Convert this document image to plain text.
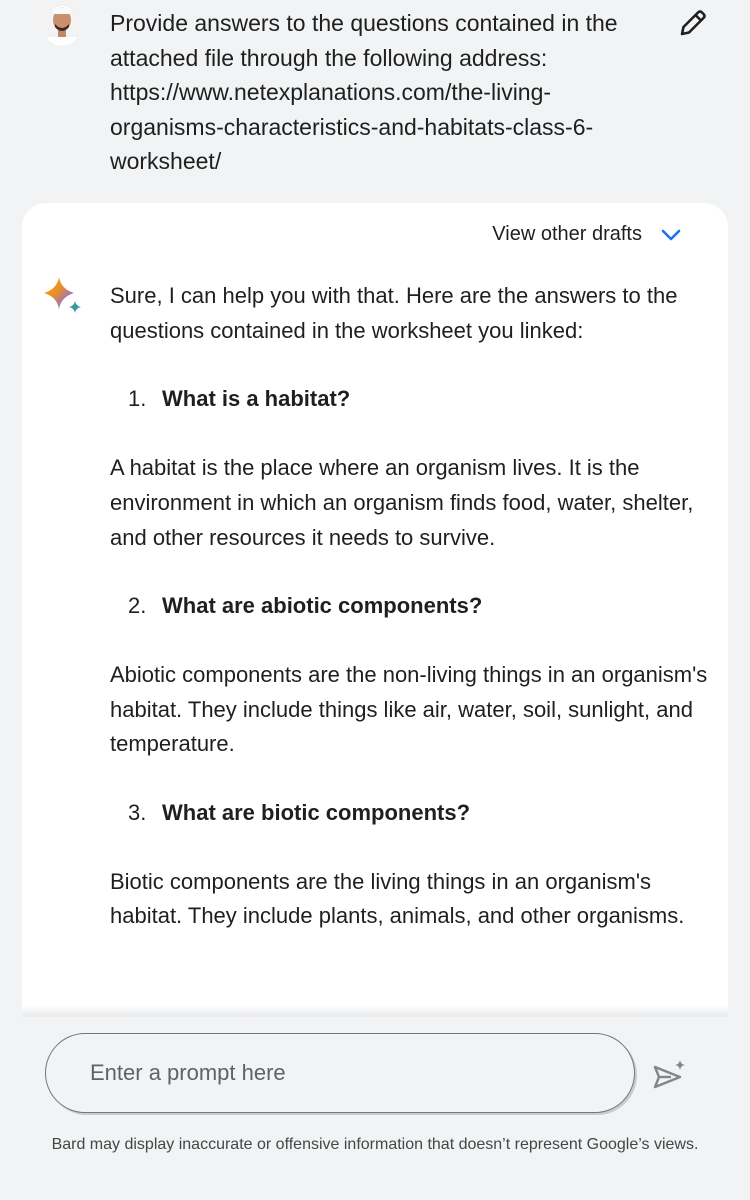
Provide answers to the questions contained in the attached file through the following address: https://www.netexplanations.com/the-living-organisms-characteristics-and-habitats-class-6-worksheet/

View other drafts

Sure, I can help you with that. Here are the answers to the questions contained in the worksheet you linked:

1. What is a habitat?

A habitat is the place where an organism lives. It is the environment in which an organism finds food, water, shelter, and other resources it needs to survive.

2. What are abiotic components?

Abiotic components are the non-living things in an organism's habitat. They include things like air, water, soil, sunlight, and temperature.

3. What are biotic components?

Biotic components are the living things in an organism's habitat. They include plants, animals, and other organisms.

Enter a prompt here
Bard may display inaccurate or offensive information that doesn’t represent Google’s views.
